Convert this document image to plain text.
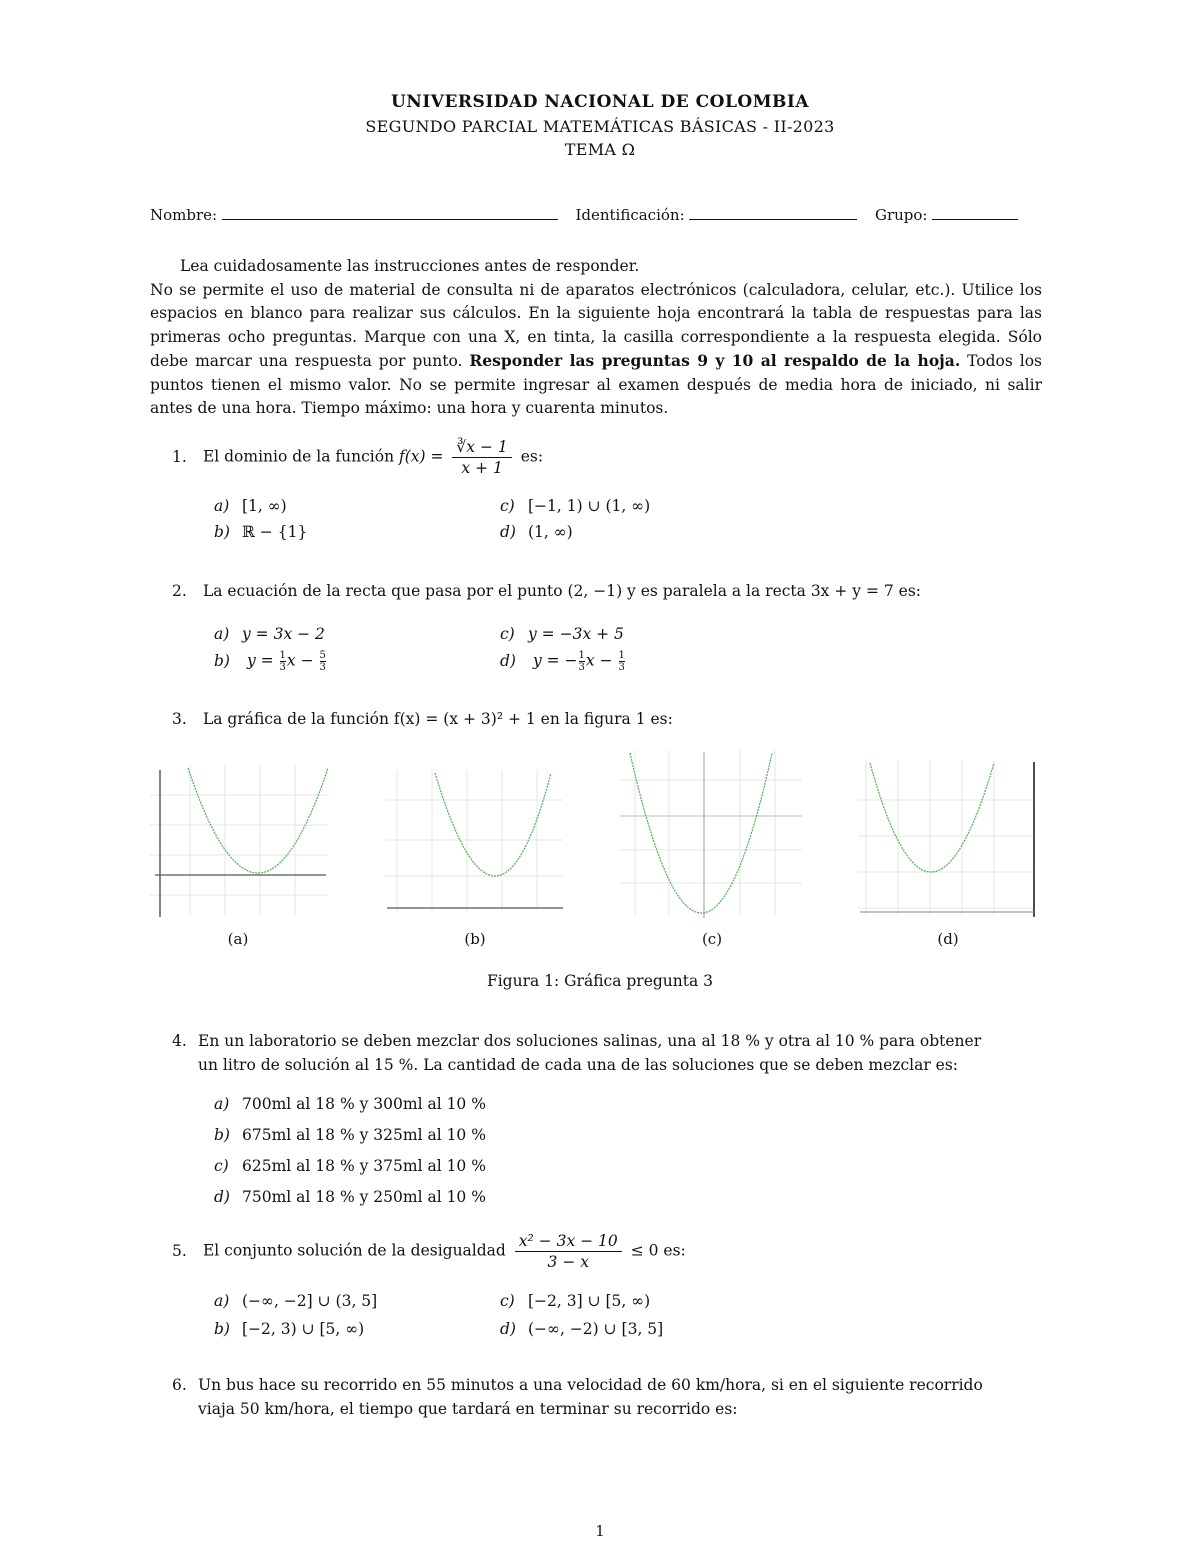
UNIVERSIDAD NACIONAL DE COLOMBIA
SEGUNDO PARCIAL MATEMÁTICAS BÁSICAS - II-2023
TEMA Ω
Nombre:	Identificación:	Grupo:
Lea cuidadosamente las instrucciones antes de responder.
No se permite el uso de material de consulta ni de aparatos electrónicos (calculadora, celular, etc.). Utilice los espacios en blanco para realizar sus cálculos. En la siguiente hoja encontrará la tabla de respuestas para las primeras ocho preguntas. Marque con una X, en tinta, la casilla correspondiente a la respuesta elegida. Sólo debe marcar una respuesta por punto. Responder las preguntas 9 y 10 al respaldo de la hoja. Todos los puntos tienen el mismo valor. No se permite ingresar al examen después de media hora de iniciado, ni salir antes de una hora. Tiempo máximo: una hora y cuarenta minutos.
1. El dominio de la función $f(x) = \frac{∛x - 1}{x + 1}$ es:
a) [1, ∞)
b) ℝ − {1}
c) [−1, 1) ∪ (1, ∞)
d) (1, ∞)
2. La ecuación de la recta que pasa por el punto (2, −1) y es paralela a la recta 3x + y = 7 es:
a) y = 3x − 2
b) $y = \frac{1}{3}x - \frac{5}{3}$
c) y = −3x + 5
d) y = − $\frac{1}{3}x - \frac{1}{3}$
3. La gráfica de la función f(x) = (x + 3)² + 1 en la figura 1 es:
(a)	(b)	(c)	(d)
Figura 1: Gráfica pregunta 3
4. En un laboratorio se deben mezclar dos soluciones salinas, una al 18 % y otra al 10 % para obtener
un litro de solución al 15 %. La cantidad de cada una de las soluciones que se deben mezclar es:
a) 700ml al 18 % y 300ml al 10 %
b) 675ml al 18 % y 325ml al 10 %
c) 625ml al 18 % y 375ml al 10 %
d) 750ml al 18 % y 250ml al 10 %
5. El conjunto solución de la desigualdad $\frac{\text{x² − 3x − 10}}{3 - x} \le 0$ es:
a) (−∞, −2] ∪ (3, 5]
b) [−2, 3) ∪ [5, ∞)
c) [−2, 3] ∪ [5, ∞)
d) (−∞, −2) ∪ [3, 5]
6. Un bus hace su recorrido en 55 minutos a una velocidad de 60 km/hora, si en el siguiente recorrido
viaja 50 km/hora, el tiempo que tardará en terminar su recorrido es:
1
